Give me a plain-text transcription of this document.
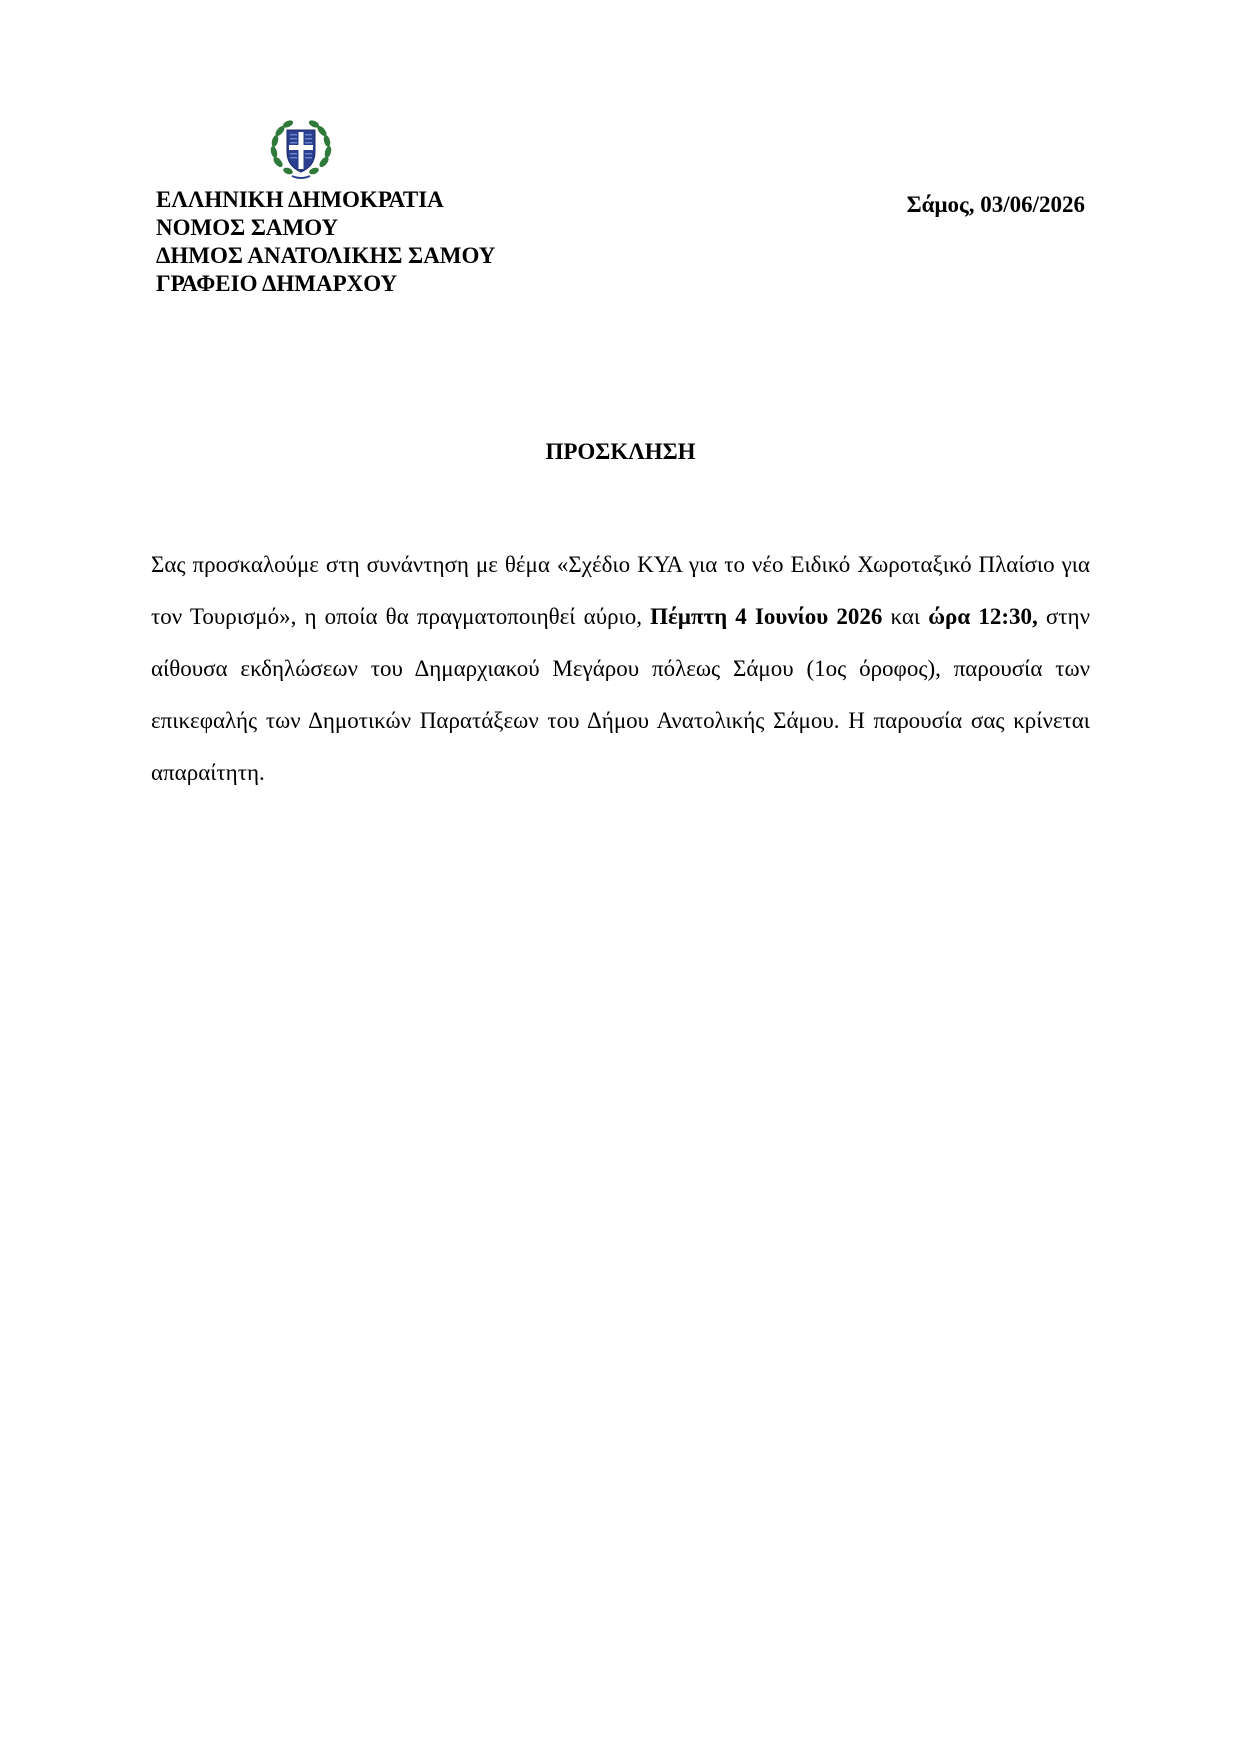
ΕΛΛΗΝΙΚΗ ΔΗΜΟΚΡΑΤΙΑ
ΝΟΜΟΣ ΣΑΜΟΥ
ΔΗΜΟΣ ΑΝΑΤΟΛΙΚΗΣ ΣΑΜΟΥ
ΓΡΑΦΕΙΟ ΔΗΜΑΡΧΟΥ
Σάμος, 03/06/2026
ΠΡΟΣΚΛΗΣΗ
Σας προσκαλούμε στη συνάντηση με θέμα «Σχέδιο ΚΥΑ για το νέο Ειδικό Χωροταξικό Πλαίσιο για τον Τουρισμό», η οποία θα πραγματοποιηθεί αύριο, Πέμπτη 4 Ιουνίου 2026 και ώρα 12:30, στην αίθουσα εκδηλώσεων του Δημαρχιακού Μεγάρου πόλεως Σάμου (1ος όροφος), παρουσία των επικεφαλής των Δημοτικών Παρατάξεων του Δήμου Ανατολικής Σάμου. Η παρουσία σας κρίνεται απαραίτητη.
